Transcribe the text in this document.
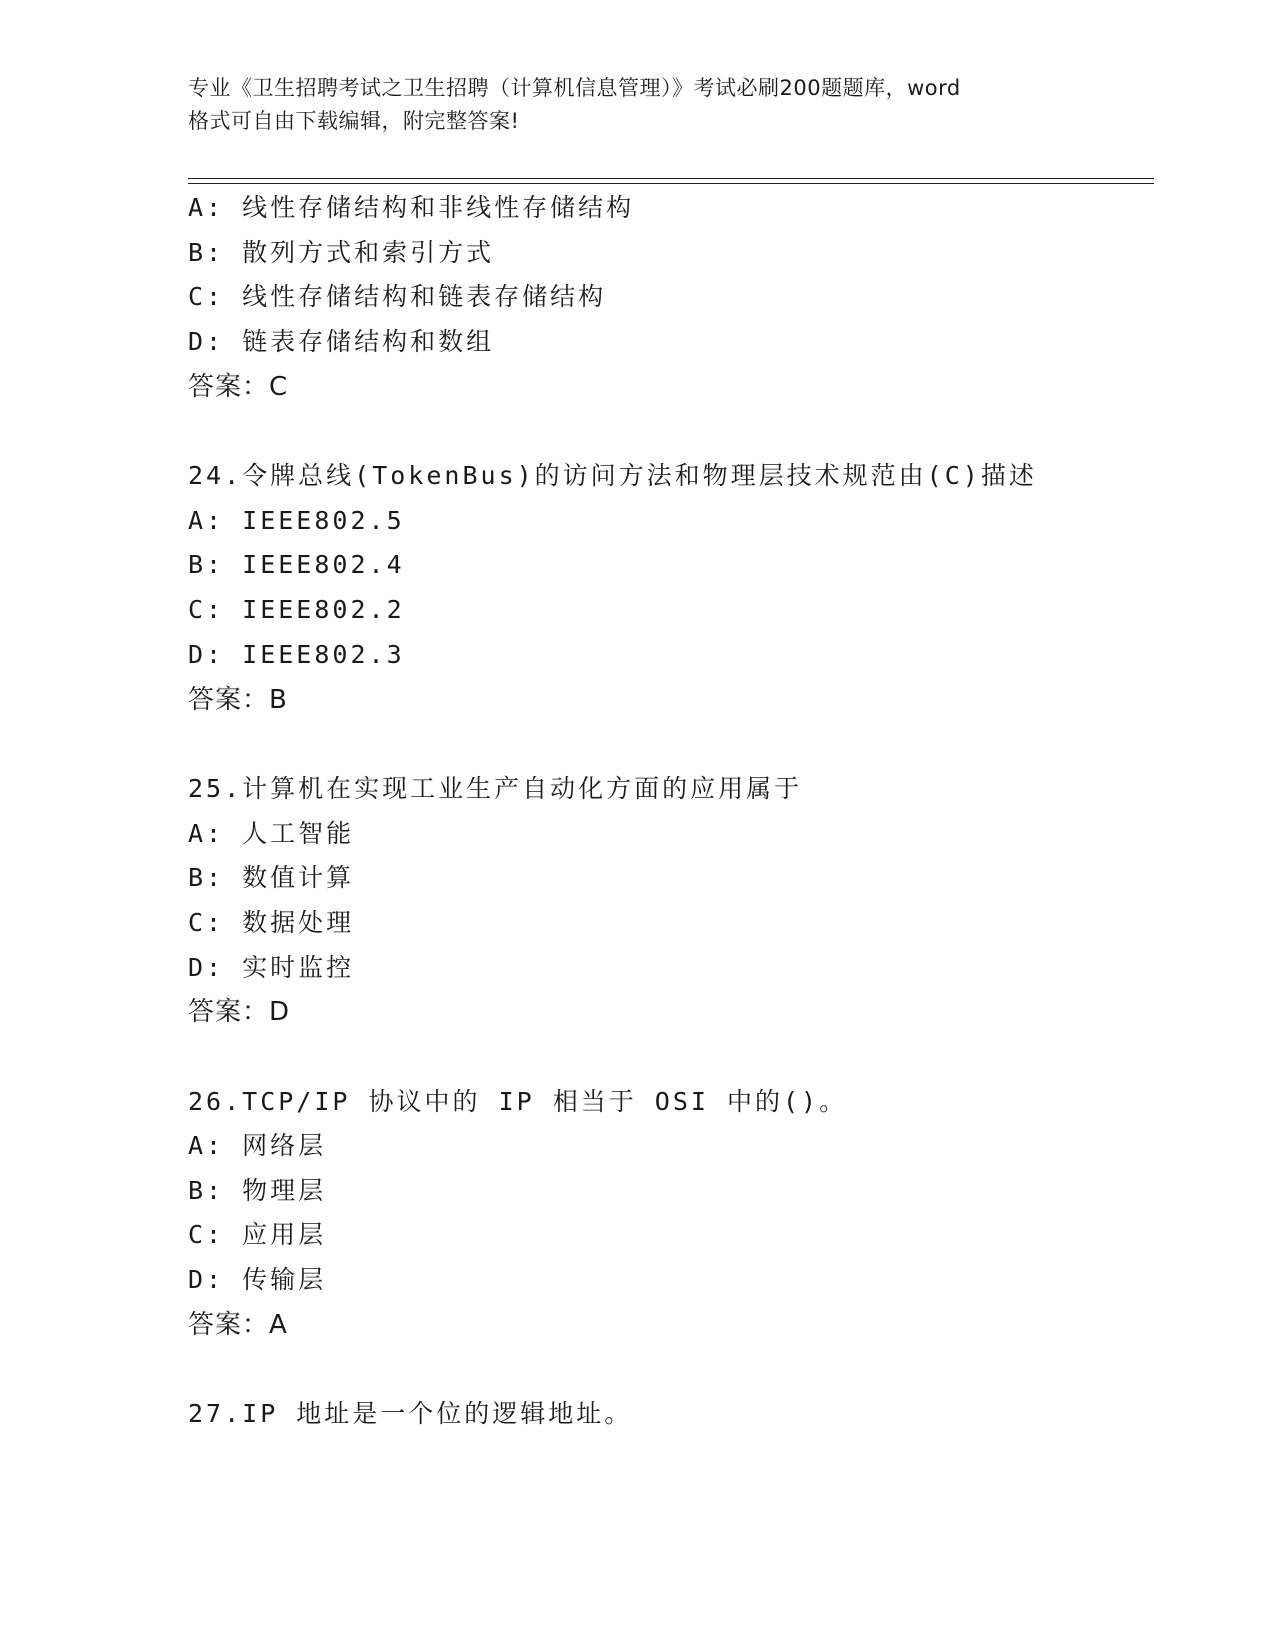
专业《卫生招聘考试之卫生招聘（计算机信息管理）》考试必刷200题题库，word
格式可自由下载编辑，附完整答案!
A: 线性存储结构和非线性存储结构
B: 散列方式和索引方式
C: 线性存储结构和链表存储结构
D: 链表存储结构和数组
答案：C
24.令牌总线(TokenBus)的访问方法和物理层技术规范由(C)描述
A: IEEE802.5
B: IEEE802.4
C: IEEE802.2
D: IEEE802.3
答案：B
25.计算机在实现工业生产自动化方面的应用属于
A: 人工智能
B: 数值计算
C: 数据处理
D: 实时监控
答案：D
26.TCP/IP 协议中的 IP 相当于 OSI 中的()。
A: 网络层
B: 物理层
C: 应用层
D: 传输层
答案：A
27.IP 地址是一个位的逻辑地址。
